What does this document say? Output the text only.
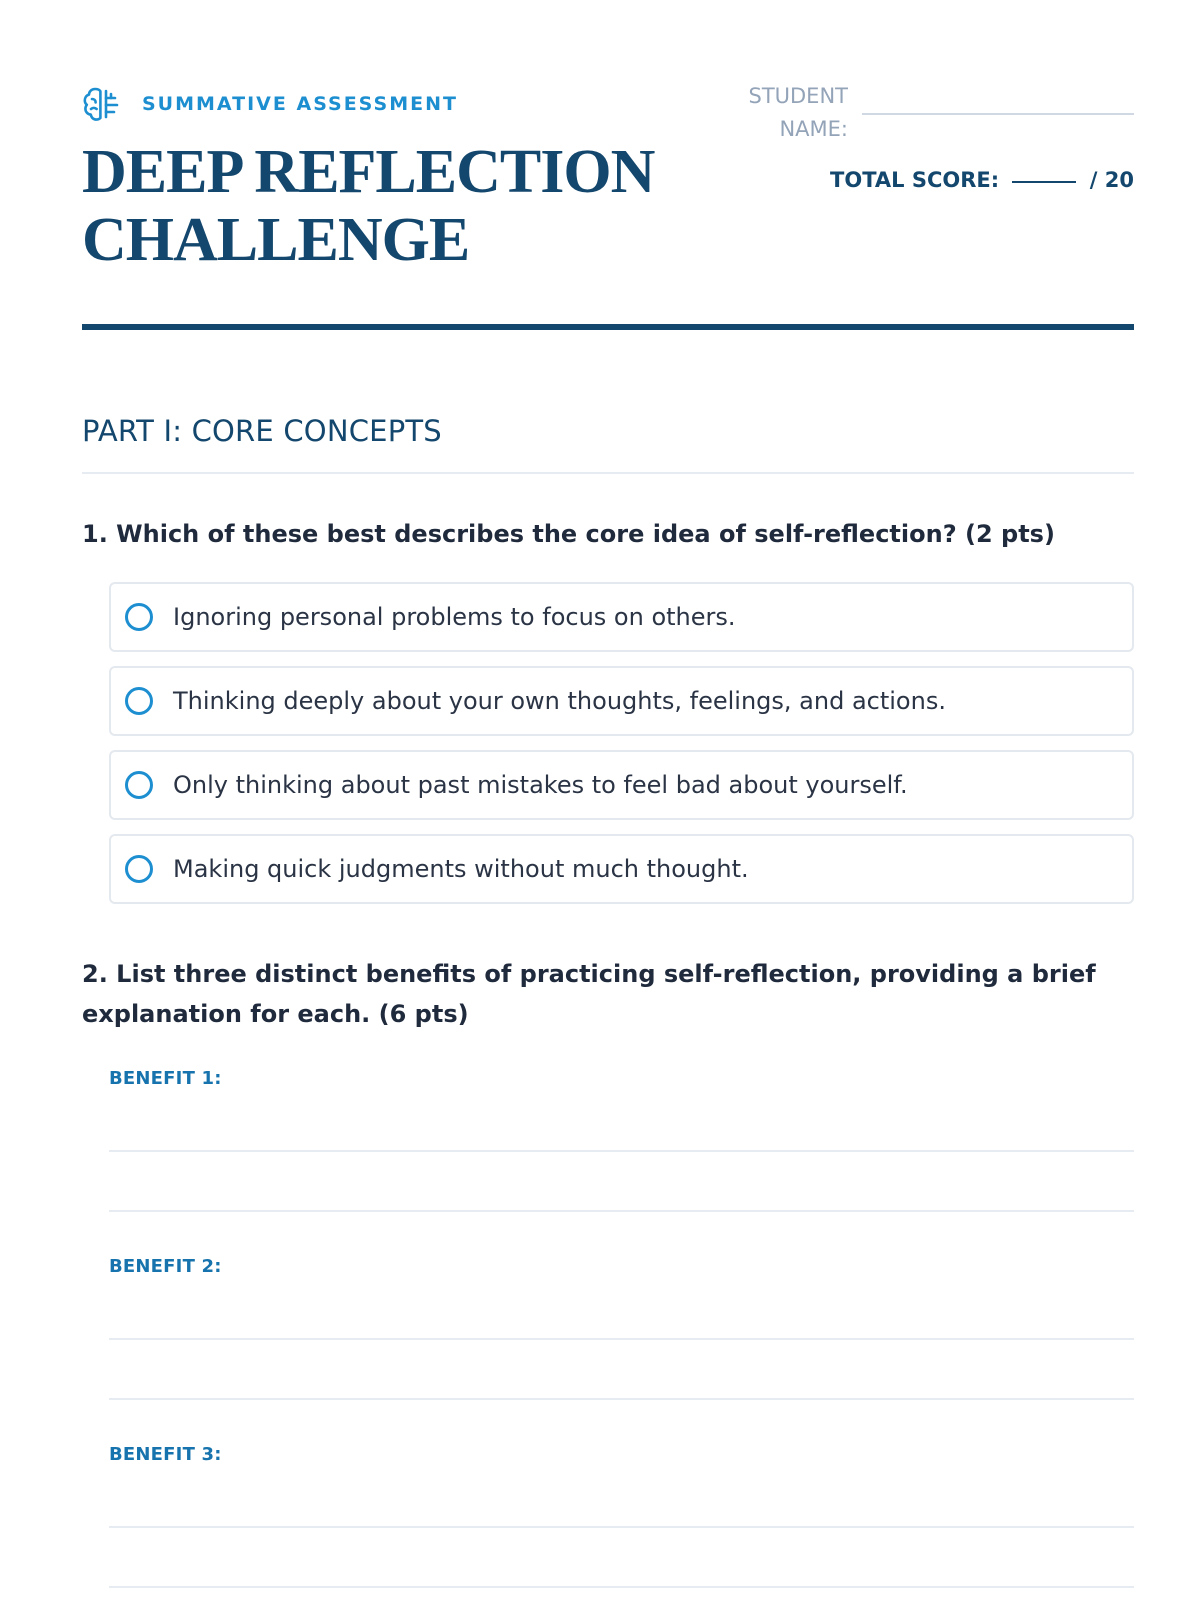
SUMMATIVE ASSESSMENT
DEEP REFLECTION
CHALLENGE
STUDENT NAME:
TOTAL SCORE:	/ 20
PART I: CORE CONCEPTS

1. Which of these best describes the core idea of self-reflection? (2 pts)

Ignoring personal problems to focus on others.
Thinking deeply about your own thoughts, feelings, and actions.
Only thinking about past mistakes to feel bad about yourself.
Making quick judgments without much thought.

2. List three distinct benefits of practicing self-reflection, providing a brief explanation for each. (6 pts)

BENEFIT 1:
BENEFIT 2:
BENEFIT 3:
